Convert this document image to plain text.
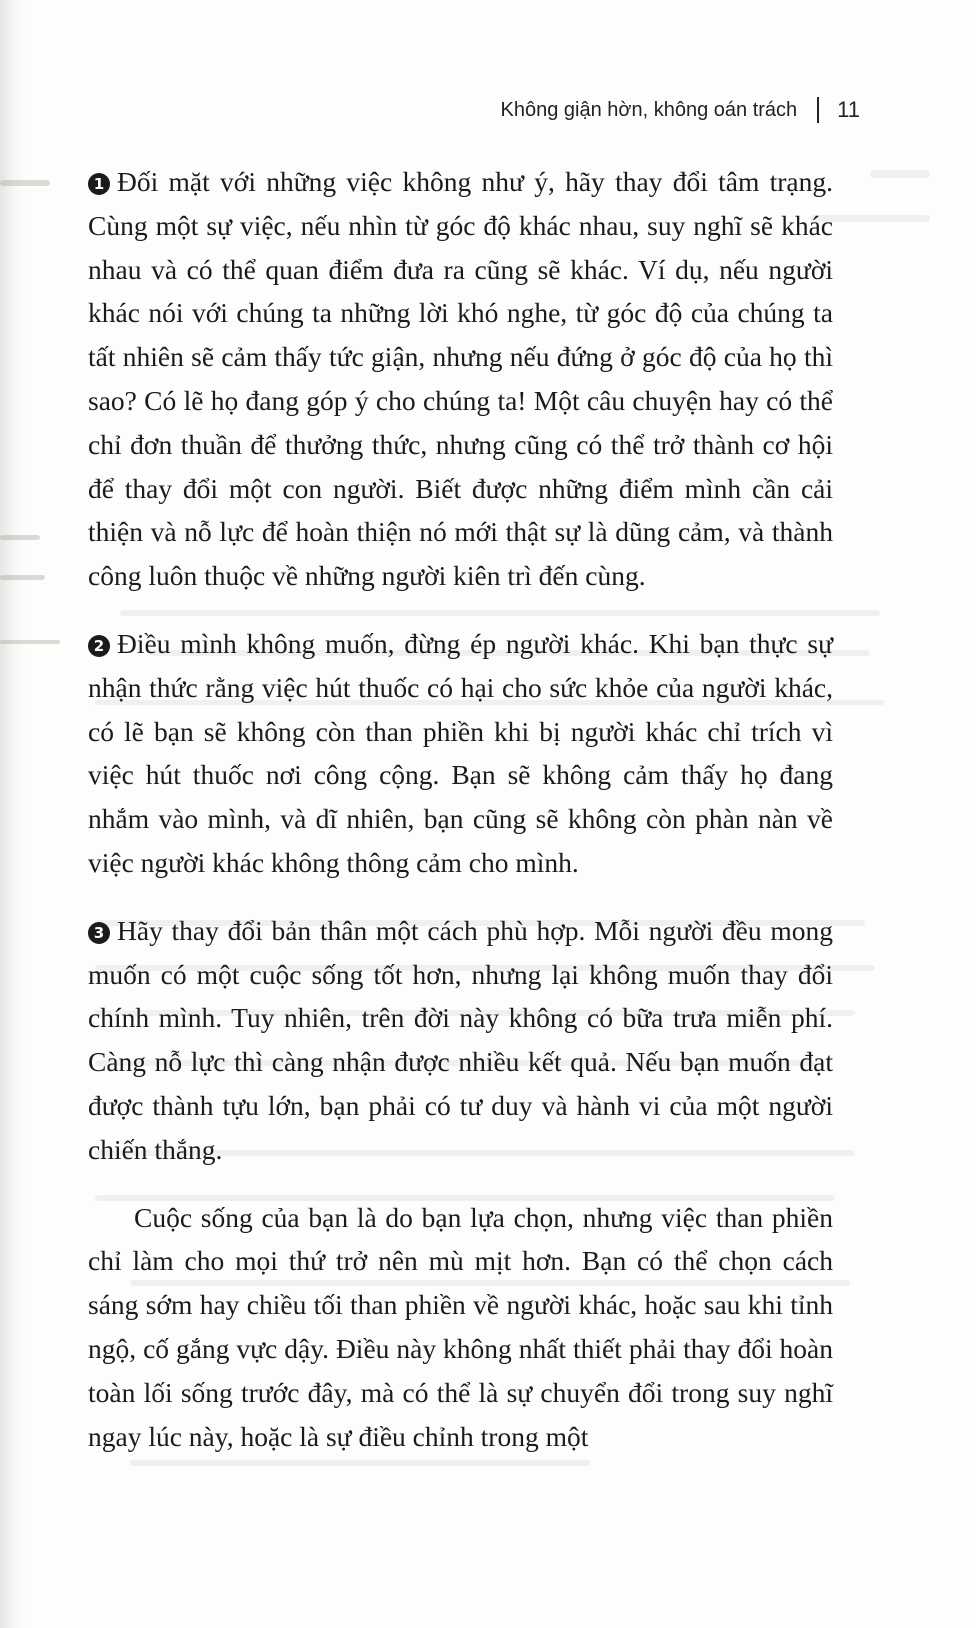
Không giận hờn, không oán trách 11

1 Đối mặt với những việc không như ý, hãy thay đổi tâm trạng. Cùng một sự việc, nếu nhìn từ góc độ khác nhau, suy nghĩ sẽ khác nhau và có thể quan điểm đưa ra cũng sẽ khác. Ví dụ, nếu người khác nói với chúng ta những lời khó nghe, từ góc độ của chúng ta tất nhiên sẽ cảm thấy tức giận, nhưng nếu đứng ở góc độ của họ thì sao? Có lẽ họ đang góp ý cho chúng ta! Một câu chuyện hay có thể chỉ đơn thuần để thưởng thức, nhưng cũng có thể trở thành cơ hội để thay đổi một con người. Biết được những điểm mình cần cải thiện và nỗ lực để hoàn thiện nó mới thật sự là dũng cảm, và thành công luôn thuộc về những người kiên trì đến cùng.

2 Điều mình không muốn, đừng ép người khác. Khi bạn thực sự nhận thức rằng việc hút thuốc có hại cho sức khỏe của người khác, có lẽ bạn sẽ không còn than phiền khi bị người khác chỉ trích vì việc hút thuốc nơi công cộng. Bạn sẽ không cảm thấy họ đang nhắm vào mình, và dĩ nhiên, bạn cũng sẽ không còn phàn nàn về việc người khác không thông cảm cho mình.

3 Hãy thay đổi bản thân một cách phù hợp. Mỗi người đều mong muốn có một cuộc sống tốt hơn, nhưng lại không muốn thay đổi chính mình. Tuy nhiên, trên đời này không có bữa trưa miễn phí. Càng nỗ lực thì càng nhận được nhiều kết quả. Nếu bạn muốn đạt được thành tựu lớn, bạn phải có tư duy và hành vi của một người chiến thắng.

Cuộc sống của bạn là do bạn lựa chọn, nhưng việc than phiền chỉ làm cho mọi thứ trở nên mù mịt hơn. Bạn có thể chọn cách sáng sớm hay chiều tối than phiền về người khác, hoặc sau khi tỉnh ngộ, cố gắng vực dậy. Điều này không nhất thiết phải thay đổi hoàn toàn lối sống trước đây, mà có thể là sự chuyển đổi trong suy nghĩ ngay lúc này, hoặc là sự điều chỉnh trong một
